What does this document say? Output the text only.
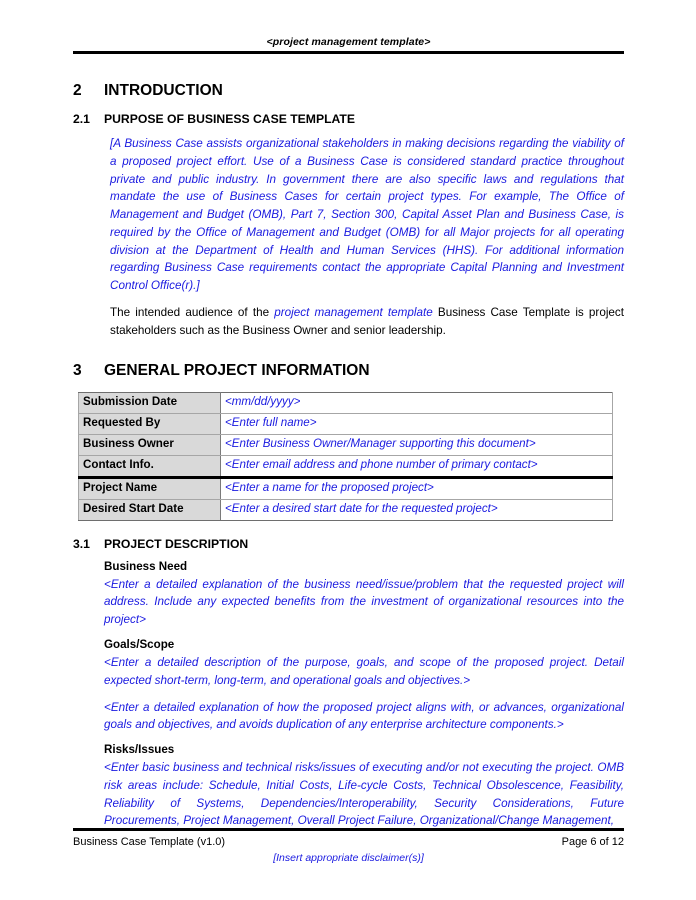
<project management template>
2	INTRODUCTION
2.1	PURPOSE OF BUSINESS CASE TEMPLATE

[A Business Case assists organizational stakeholders in making decisions regarding the viability of a proposed project effort. Use of a Business Case is considered standard practice throughout private and public industry. In government there are also specific laws and regulations that mandate the use of Business Cases for certain project types. For example, The Office of Management and Budget (OMB), Part 7, Section 300, Capital Asset Plan and Business Case, is required by the Office of Management and Budget (OMB) for all Major projects for all operating division at the Department of Health and Human Services (HHS). For additional information regarding Business Case requirements contact the appropriate Capital Planning and Investment Control Office(r).]

The intended audience of the project management template Business Case Template is project stakeholders such as the Business Owner and senior leadership.

3	GENERAL PROJECT INFORMATION
Submission Date	<mm/dd/yyyy>
Requested By	<Enter full name>
Business Owner	<Enter Business Owner/Manager supporting this document>
Contact Info.	<Enter email address and phone number of primary contact>
Project Name	<Enter a name for the proposed project>
Desired Start Date	<Enter a desired start date for the requested project>
3.1	PROJECT DESCRIPTION
Business Need

<Enter a detailed explanation of the business need/issue/problem that the requested project will address. Include any expected benefits from the investment of organizational resources into the project>

Goals/Scope

<Enter a detailed description of the purpose, goals, and scope of the proposed project. Detail expected short-term, long-term, and operational goals and objectives.>

<Enter a detailed explanation of how the proposed project aligns with, or advances, organizational goals and objectives, and avoids duplication of any enterprise architecture components.>

Risks/Issues

<Enter basic business and technical risks/issues of executing and/or not executing the project. OMB risk areas include: Schedule, Initial Costs, Life-cycle Costs, Technical Obsolescence, Feasibility, Reliability of Systems, Dependencies/Interoperability, Security Considerations, Future Procurements, Project Management, Overall Project Failure, Organizational/Change Management,

Business Case Template (v1.0)	Page 6 of 12
[Insert appropriate disclaimer(s)]
